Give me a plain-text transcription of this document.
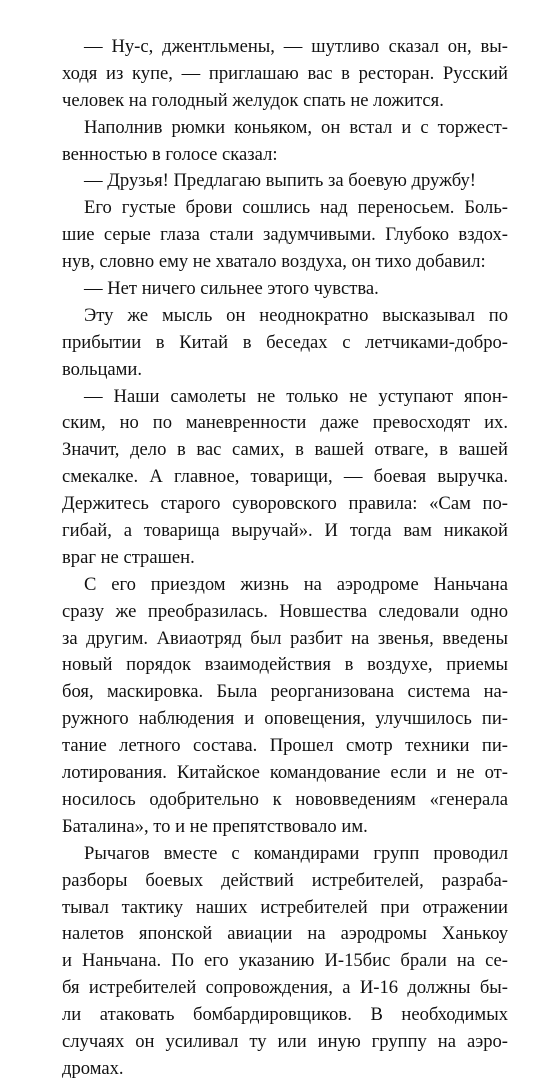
— Ну-с, джентльмены, — шутливо сказал он, вы-
ходя из купе, — приглашаю вас в ресторан. Русский
человек на голодный желудок спать не ложится.
Наполнив рюмки коньяком, он встал и с торжест-
венностью в голосе сказал:
— Друзья! Предлагаю выпить за боевую дружбу!
Его густые брови сошлись над переносьем. Боль-
шие серые глаза стали задумчивыми. Глубоко вздох-
нув, словно ему не хватало воздуха, он тихо добавил:
— Нет ничего сильнее этого чувства.
Эту же мысль он неоднократно высказывал по
прибытии в Китай в беседах с летчиками-добро-
вольцами.
— Наши самолеты не только не уступают япон-
ским, но по маневренности даже превосходят их.
Значит, дело в вас самих, в вашей отваге, в вашей
смекалке. А главное, товарищи, — боевая выручка.
Держитесь старого суворовского правила: «Сам по-
гибай, а товарища выручай». И тогда вам никакой
враг не страшен.
С его приездом жизнь на аэродроме Наньчана
сразу же преобразилась. Новшества следовали одно
за другим. Авиаотряд был разбит на звенья, введены
новый порядок взаимодействия в воздухе, приемы
боя, маскировка. Была реорганизована система на-
ружного наблюдения и оповещения, улучшилось пи-
тание летного состава. Прошел смотр техники пи-
лотирования. Китайское командование если и не от-
носилось одобрительно к нововведениям «генерала
Баталина», то и не препятствовало им.
Рычагов вместе с командирами групп проводил
разборы боевых действий истребителей, разраба-
тывал тактику наших истребителей при отражении
налетов японской авиации на аэродромы Ханькоу
и Наньчана. По его указанию И-15бис брали на се-
бя истребителей сопровождения, а И-16 должны бы-
ли атаковать бомбардировщиков. В необходимых
случаях он усиливал ту или иную группу на аэро-
дромах.
